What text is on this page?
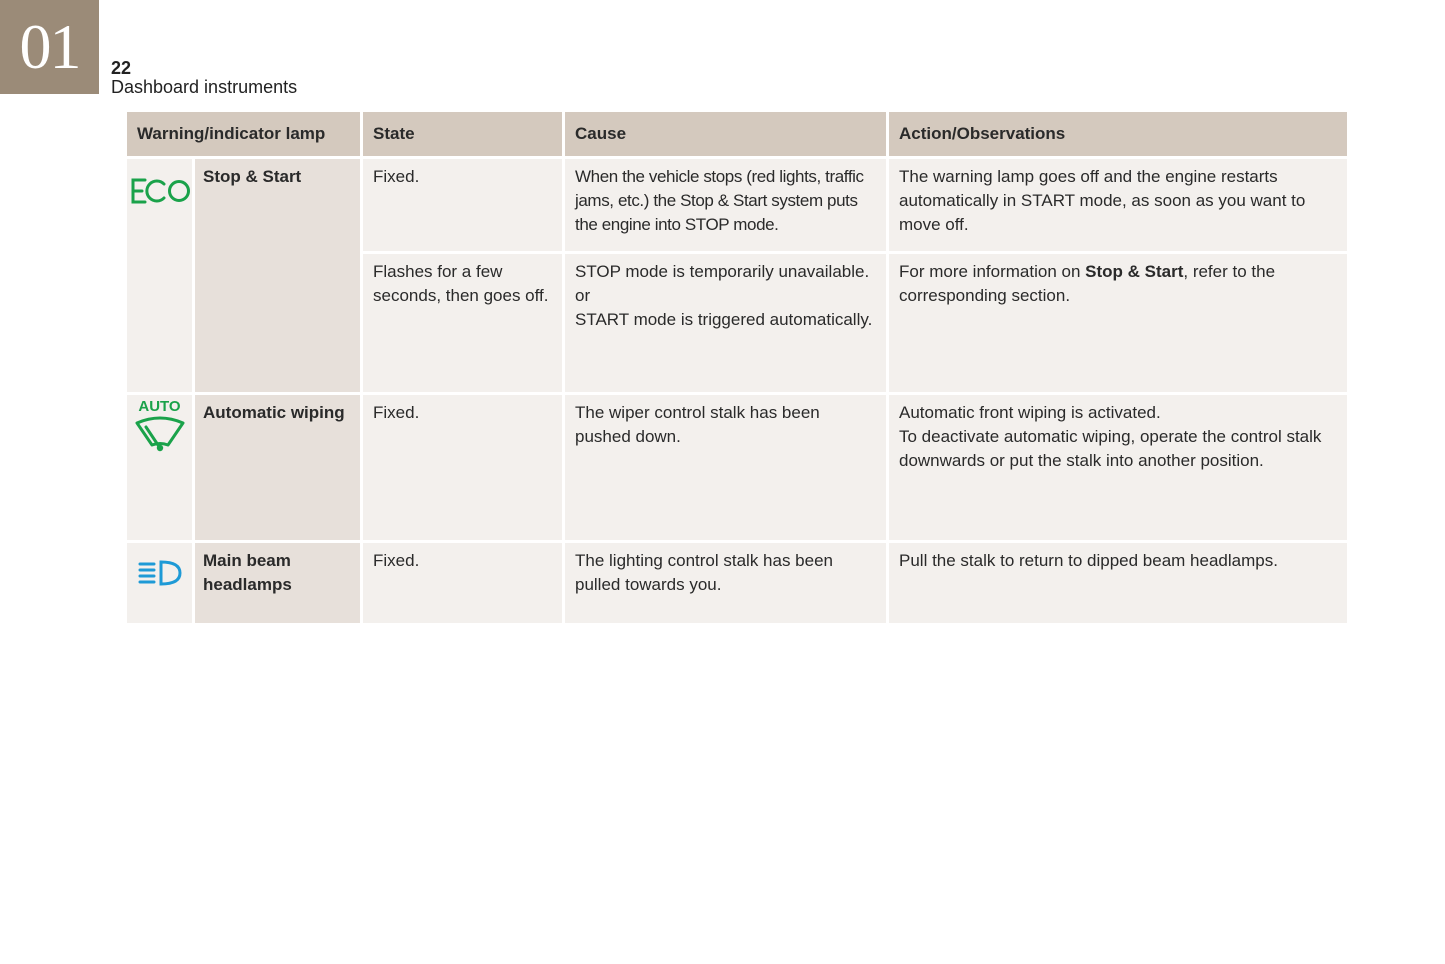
01	22
Dashboard instruments
Warning/indicator lamp		State	Cause	Action/Observations

	Stop & Start	Fixed.	When the vehicle stops (red lights, traffic jams, etc.) the Stop & Start system puts the engine into STOP mode.	The warning lamp goes off and the engine restarts automatically in START mode, as soon as you want to move off.
		Flashes for a few seconds, then goes off.	STOP mode is temporarily unavailable.
or
START mode is triggered automatically.	For more information on Stop & Start, refer to the corresponding section.

AUTO	Automatic wiping	Fixed.	The wiper control stalk has been pushed down.	Automatic front wiping is activated.
To deactivate automatic wiping, operate the control stalk downwards or put the stalk into another position.

	Main beam headlamps	Fixed.	The lighting control stalk has been pulled towards you.	Pull the stalk to return to dipped beam headlamps.
